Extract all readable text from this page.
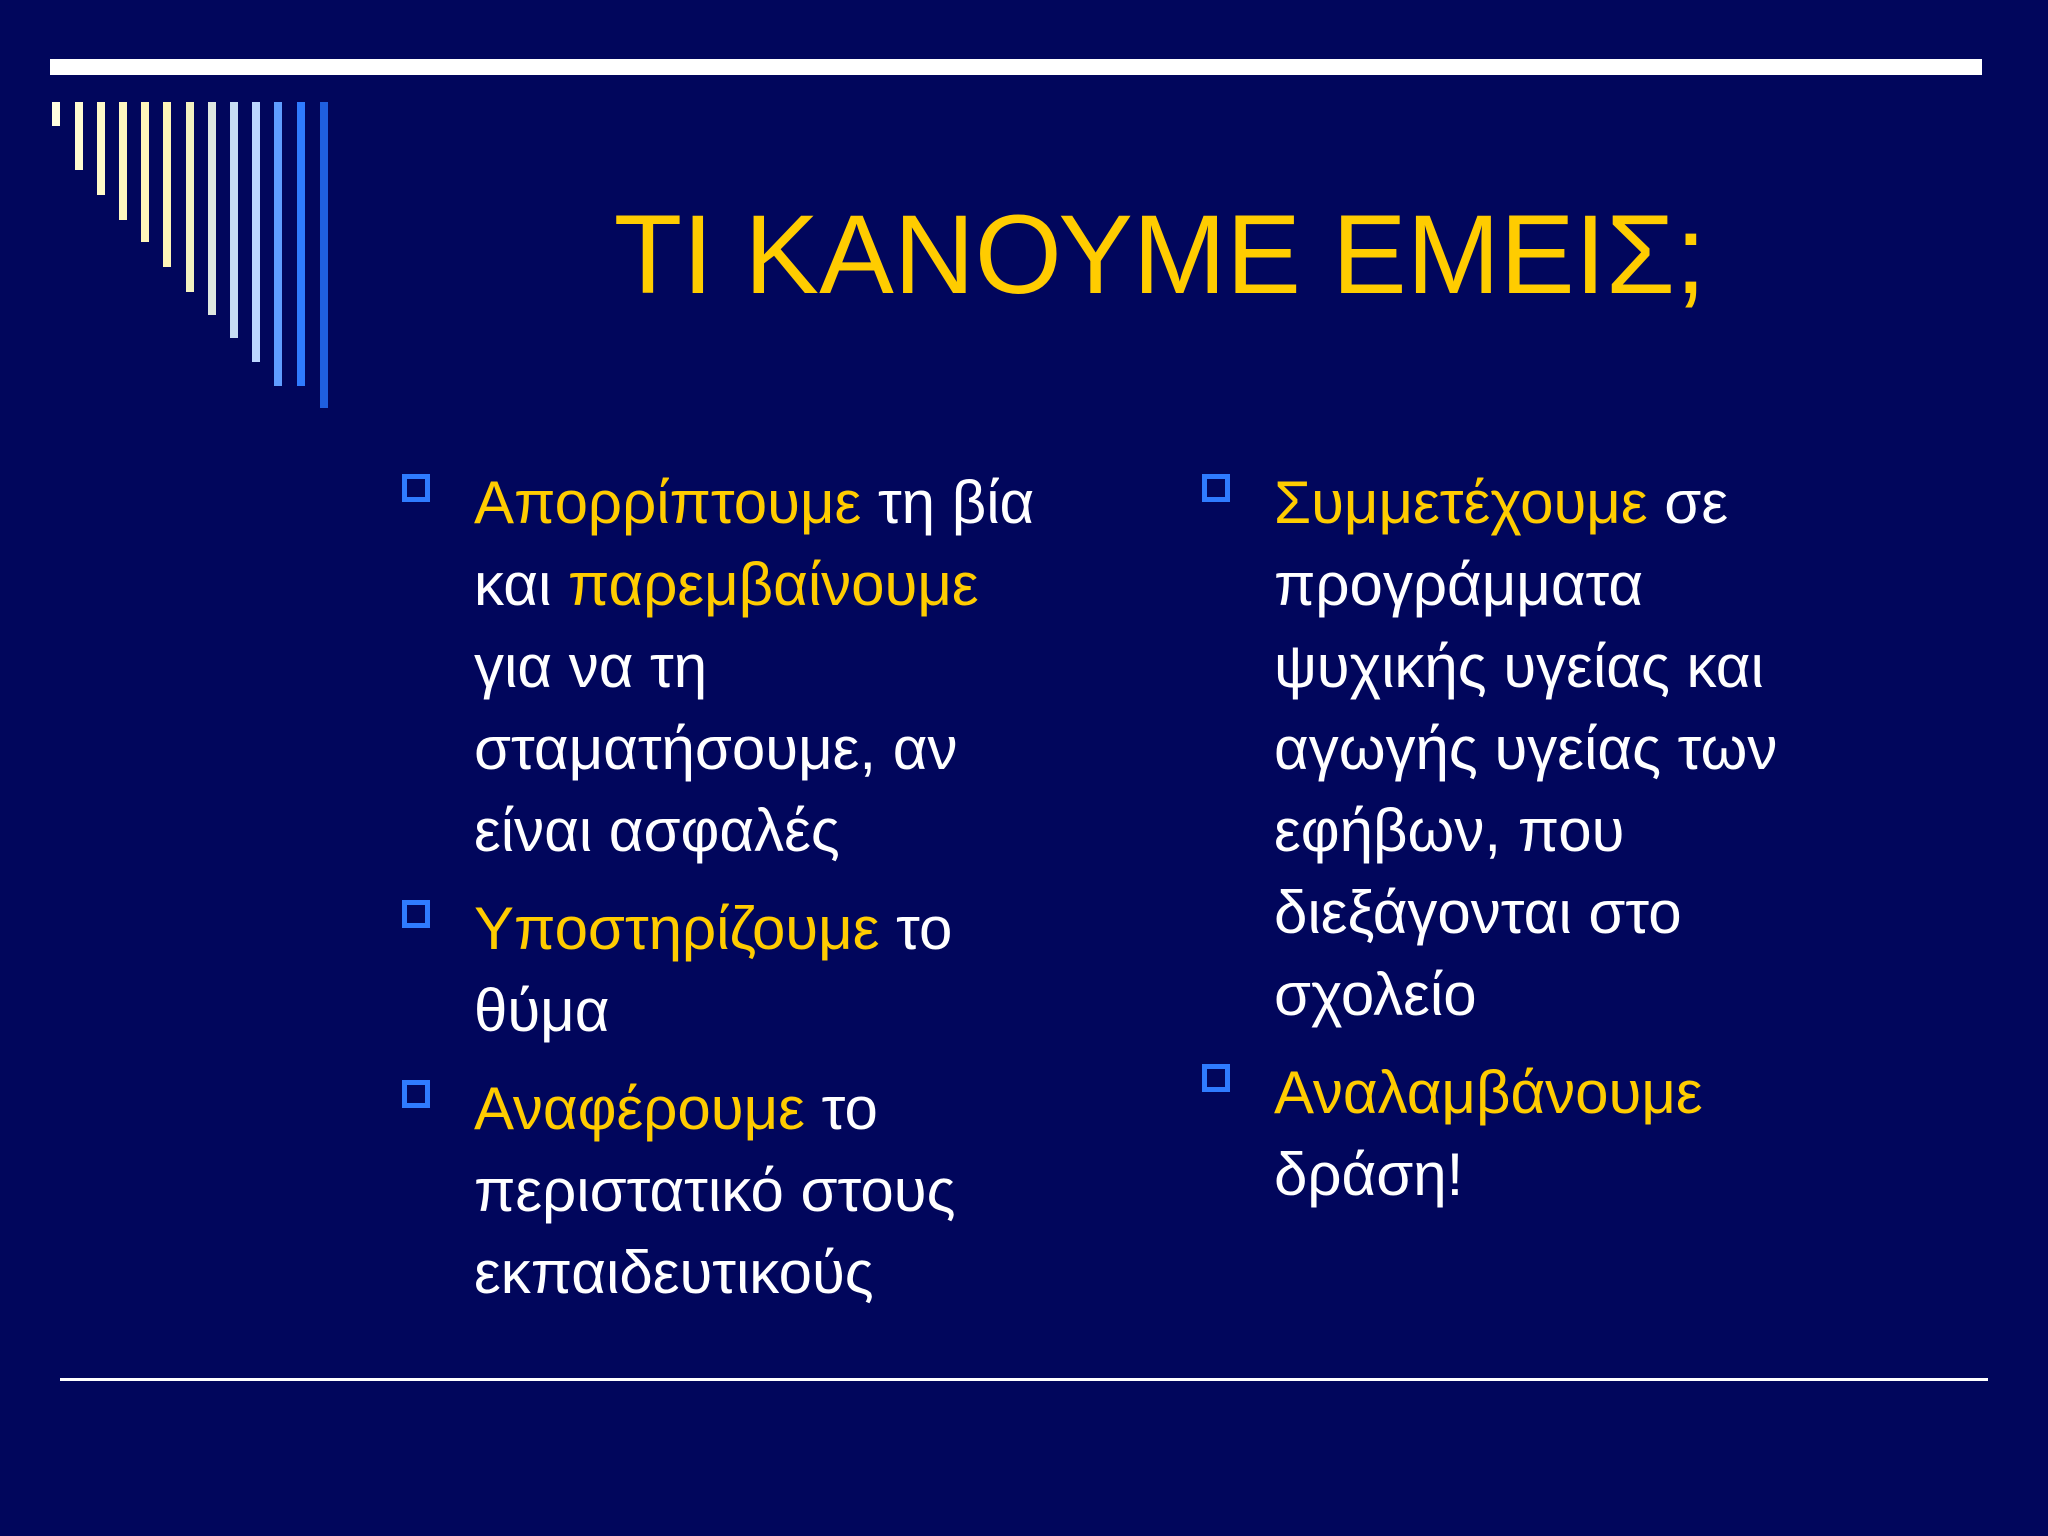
ΤΙ ΚΑΝΟΥΜΕ ΕΜΕΙΣ;
Απορρίπτουμε τη βία
και παρεμβαίνουμε
για να τη
σταματήσουμε, αν
είναι ασφαλές
Υποστηρίζουμε το
θύμα
Αναφέρουμε το
περιστατικό στους
εκπαιδευτικούς
Συμμετέχουμε σε
προγράμματα
ψυχικής υγείας και
αγωγής υγείας των
εφήβων, που
διεξάγονται στο
σχολείο
Αναλαμβάνουμε
δράση!
